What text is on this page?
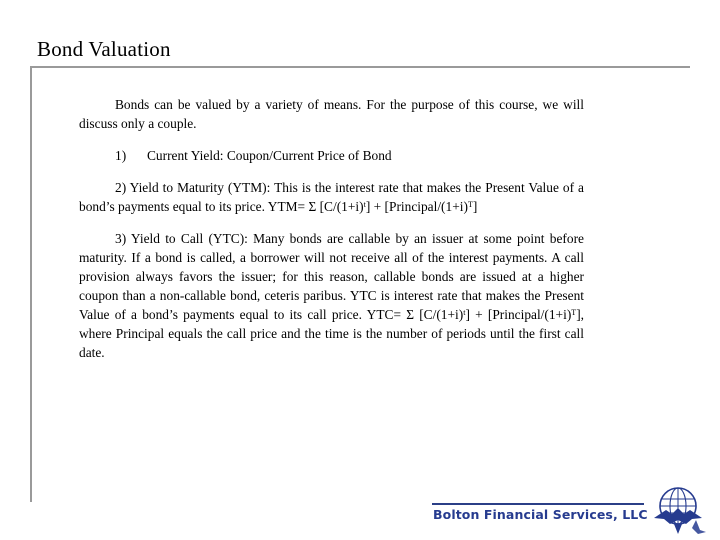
Bond Valuation

Bonds can be valued by a variety of means. For the purpose of this course, we will discuss only a couple.

1) Current Yield: Coupon/Current Price of Bond

2) Yield to Maturity (YTM): This is the interest rate that makes the Present Value of a bond’s payments equal to its price. YTM= Σ $[C/(1+i)^t]$ + $[Principal/(1+i)^T]$

3) Yield to Call (YTC): Many bonds are callable by an issuer at some point before maturity. If a bond is called, a borrower will not receive all of the interest payments. A call provision always favors the issuer; for this reason, callable bonds are issued at a higher coupon than a non-callable bond, ceteris paribus. YTC is interest rate that makes the Present Value of a bond’s payments equal to its call price. YTC= Σ $[C/(1+i)^t]$ + $[Principal/(1+i)^T]$, where Principal equals the call price and the time is the number of periods until the first call date.

Bolton Financial Services, LLC
